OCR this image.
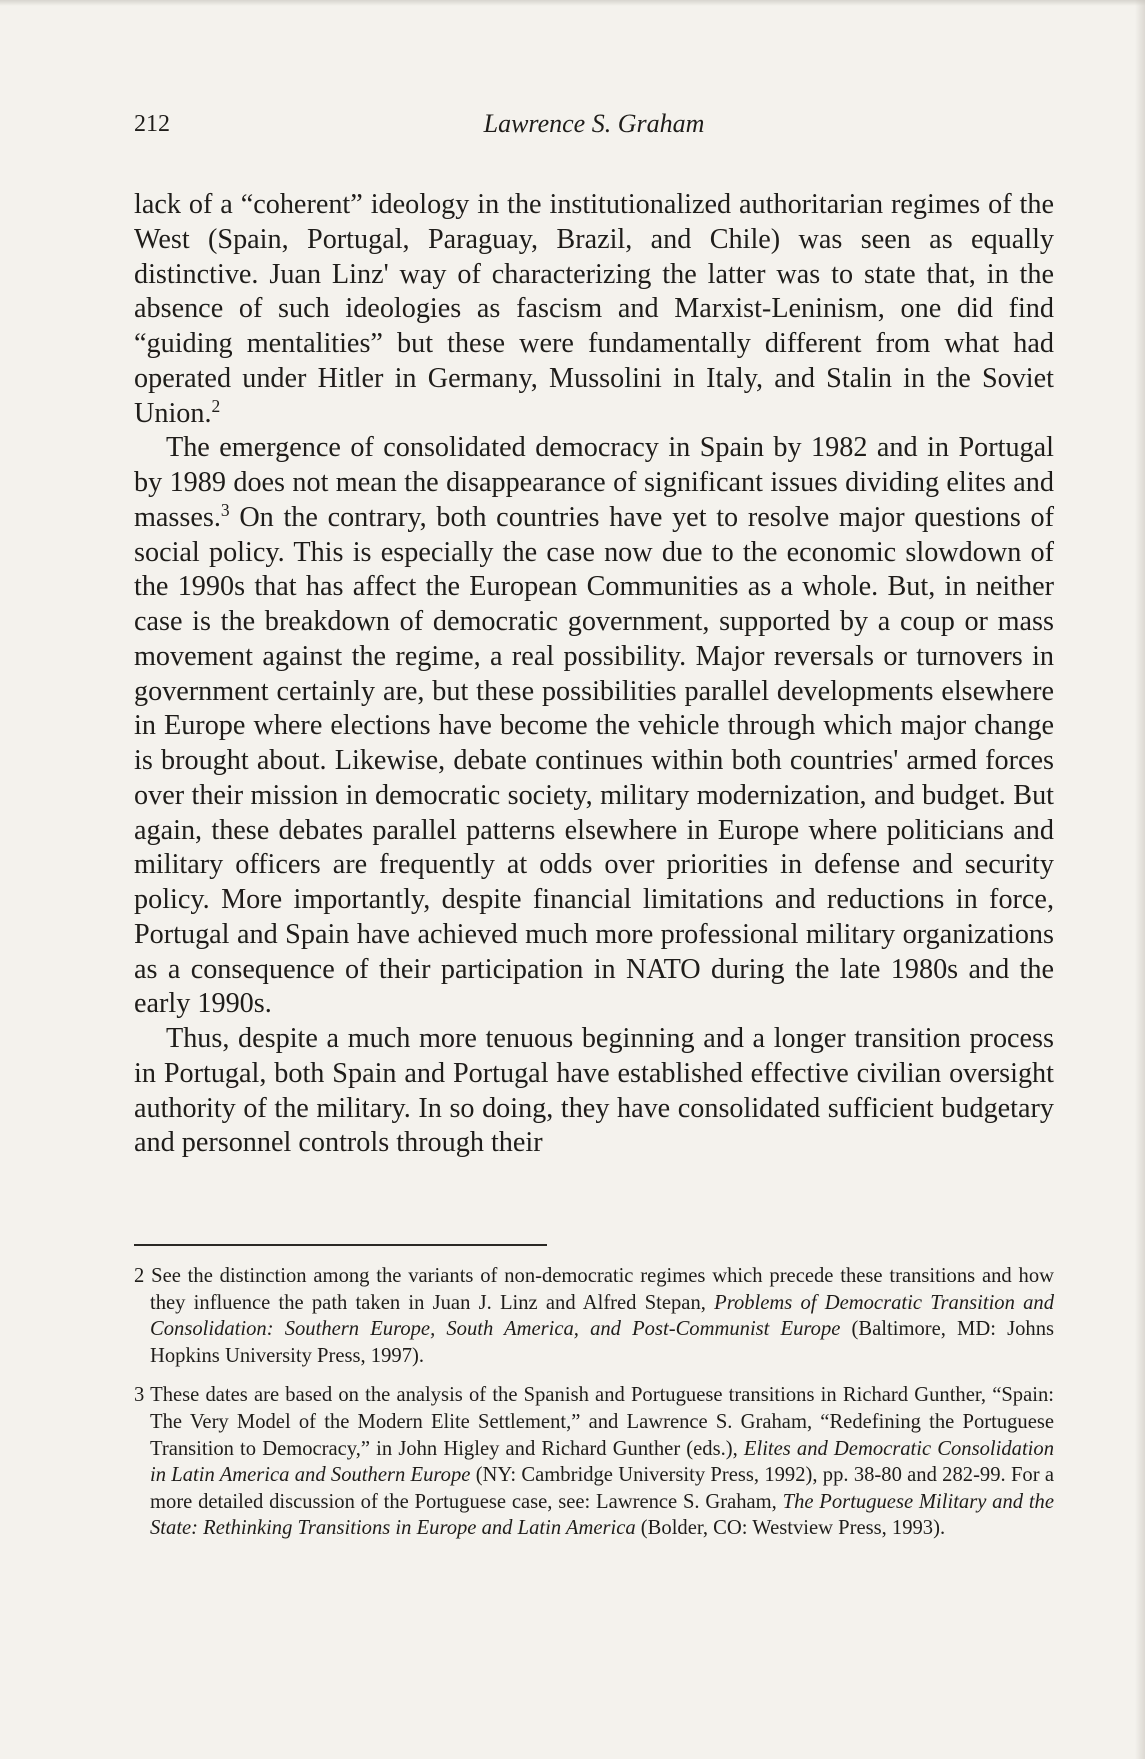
212	Lawrence S. Graham

lack of a “coherent” ideology in the institutionalized authoritarian regimes of the West (Spain, Portugal, Paraguay, Brazil, and Chile) was seen as equally distinctive. Juan Linz' way of characterizing the latter was to state that, in the absence of such ideologies as fascism and Marxist-Leninism, one did find “guiding mentalities” but these were fundamentally different from what had operated under Hitler in Germany, Mussolini in Italy, and Stalin in the Soviet Union.$^2$

The emergence of consolidated democracy in Spain by 1982 and in Portugal by 1989 does not mean the disappearance of significant issues dividing elites and masses.$^3$ On the contrary, both countries have yet to resolve major questions of social policy. This is especially the case now due to the economic slowdown of the 1990s that has affect the European Communities as a whole. But, in neither case is the breakdown of democratic government, supported by a coup or mass movement against the regime, a real possibility. Major reversals or turnovers in government certainly are, but these possibilities parallel developments elsewhere in Europe where elections have become the vehicle through which major change is brought about. Likewise, debate continues within both countries' armed forces over their mission in democratic society, military modernization, and budget. But again, these debates parallel patterns elsewhere in Europe where politicians and military officers are frequently at odds over priorities in defense and security policy. More importantly, despite financial limitations and reductions in force, Portugal and Spain have achieved much more professional military organizations as a consequence of their participation in NATO during the late 1980s and the early 1990s.

Thus, despite a much more tenuous beginning and a longer transition process in Portugal, both Spain and Portugal have established effective civilian oversight authority of the military. In so doing, they have consolidated sufficient budgetary and personnel controls through their

2 See the distinction among the variants of non-democratic regimes which precede these transitions and how they influence the path taken in Juan J. Linz and Alfred Stepan, Problems of Democratic Transition and Consolidation: Southern Europe, South America, and Post-Communist Europe (Baltimore, MD: Johns Hopkins University Press, 1997).

3 These dates are based on the analysis of the Spanish and Portuguese transitions in Richard Gunther, “Spain: The Very Model of the Modern Elite Settlement,” and Lawrence S. Graham, “Redefining the Portuguese Transition to Democracy,” in John Higley and Richard Gunther (eds.), Elites and Democratic Consolidation in Latin America and Southern Europe (NY: Cambridge University Press, 1992), pp. 38-80 and 282-99. For a more detailed discussion of the Portuguese case, see: Lawrence S. Graham, The Portuguese Military and the State: Rethinking Transitions in Europe and Latin America (Bolder, CO: Westview Press, 1993).
